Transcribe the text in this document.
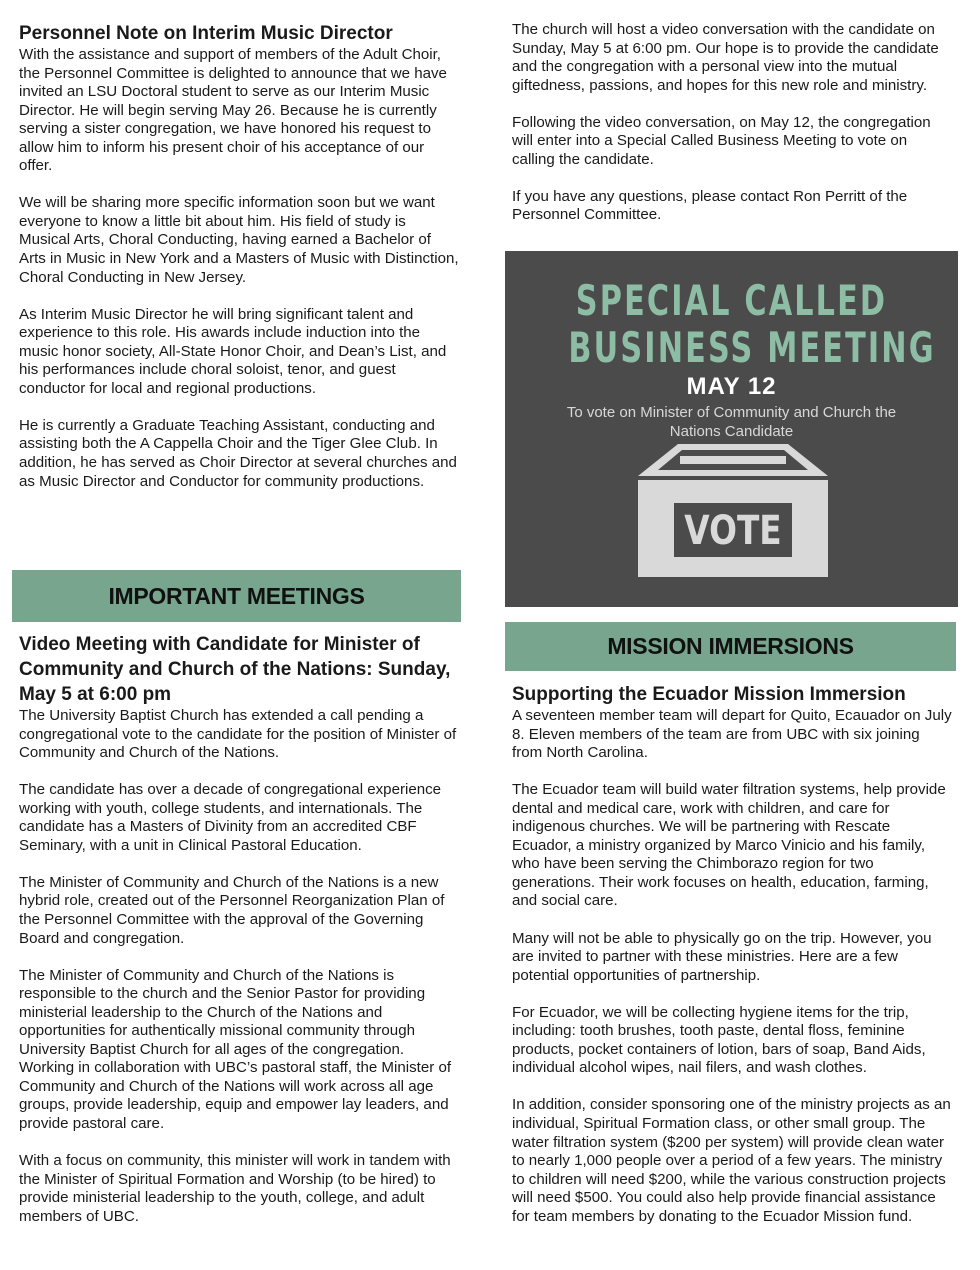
Personnel Note on Interim Music Director

With the assistance and support of members of the Adult Choir, the Personnel Committee is delighted to announce that we have invited an LSU Doctoral student to serve as our Interim Music Director. He will begin serving May 26. Because he is currently serving a sister congregation, we have honored his request to allow him to inform his present choir of his acceptance of our offer.

We will be sharing more specific information soon but we want everyone to know a little bit about him. His field of study is Musical Arts, Choral Conducting, having earned a Bachelor of Arts in Music in New York and a Masters of Music with Distinction, Choral Conducting in New Jersey.

As Interim Music Director he will bring significant talent and experience to this role. His awards include induction into the music honor society, All-State Honor Choir, and Dean’s List, and his performances include choral soloist, tenor, and guest conductor for local and regional productions.

He is currently a Graduate Teaching Assistant, conducting and assisting both the A Cappella Choir and the Tiger Glee Club. In addition, he has served as Choir Director at several churches and as Music Director and Conductor for community productions.

IMPORTANT MEETINGS
Video Meeting with Candidate for Minister of Community and Church of the Nations: Sunday, May 5 at 6:00 pm

The University Baptist Church has extended a call pending a congregational vote to the candidate for the position of Minister of Community and Church of the Nations.

The candidate has over a decade of congregational experience working with youth, college students, and internationals. The candidate has a Masters of Divinity from an accredited CBF Seminary, with a unit in Clinical Pastoral Education.

The Minister of Community and Church of the Nations is a new hybrid role, created out of the Personnel Reorganization Plan of the Personnel Committee with the approval of the Governing Board and congregation.

The Minister of Community and Church of the Nations is responsible to the church and the Senior Pastor for providing ministerial leadership to the Church of the Nations and opportunities for authentically missional community through University Baptist Church for all ages of the congregation. Working in collaboration with UBC’s pastoral staff, the Minister of Community and Church of the Nations will work across all age groups, provide leadership, equip and empower lay leaders, and provide pastoral care.

With a focus on community, this minister will work in tandem with the Minister of Spiritual Formation and Worship (to be hired) to provide ministerial leadership to the youth, college, and adult members of UBC.

The church will host a video conversation with the candidate on Sunday, May 5 at 6:00 pm. Our hope is to provide the candidate and the congregation with a personal view into the mutual giftedness, passions, and hopes for this new role and ministry.

Following the video conversation, on May 12, the congregation will enter into a Special Called Business Meeting to vote on calling the candidate.

If you have any questions, please contact Ron Perritt of the Personnel Committee.

SPECIAL CALLED
BUSINESS MEETING
MAY 12
To vote on Minister of Community and Church the Nations Candidate
VOTE
MISSION IMMERSIONS
Supporting the Ecuador Mission Immersion

A seventeen member team will depart for Quito, Ecauador on July 8. Eleven members of the team are from UBC with six joining from North Carolina.

The Ecuador team will build water filtration systems, help provide dental and medical care, work with children, and care for indigenous churches. We will be partnering with Rescate Ecuador, a ministry organized by Marco Vinicio and his family, who have been serving the Chimborazo region for two generations. Their work focuses on health, education, farming, and social care.

Many will not be able to physically go on the trip. However, you are invited to partner with these ministries. Here are a few potential opportunities of partnership.

For Ecuador, we will be collecting hygiene items for the trip, including: tooth brushes, tooth paste, dental floss, feminine products, pocket containers of lotion, bars of soap, Band Aids, individual alcohol wipes, nail filers, and wash clothes.

In addition, consider sponsoring one of the ministry projects as an individual, Spiritual Formation class, or other small group. The water filtration system ($200 per system) will provide clean water to nearly 1,000 people over a period of a few years. The ministry to children will need $200, while the various construction projects will need $500. You could also help provide financial assistance for team members by donating to the Ecuador Mission fund.
